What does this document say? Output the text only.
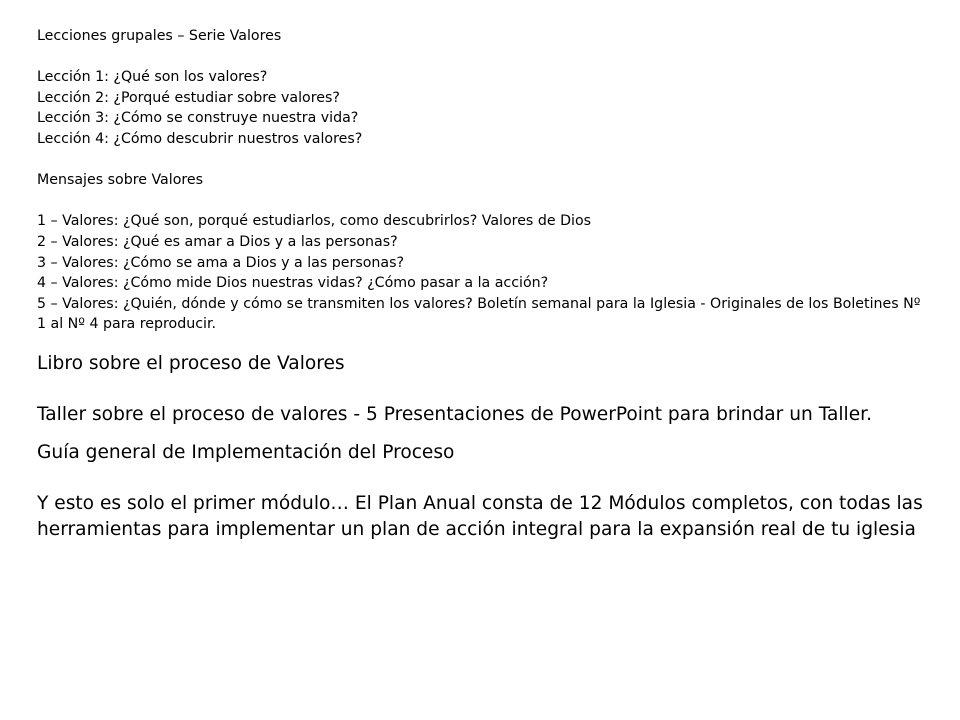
Lecciones grupales – Serie Valores

Lección 1: ¿Qué son los valores?

Lección 2: ¿Porqué estudiar sobre valores?

Lección 3: ¿Cómo se construye nuestra vida?

Lección 4: ¿Cómo descubrir nuestros valores?

Mensajes sobre Valores

1 – Valores: ¿Qué son, porqué estudiarlos, como descubrirlos? Valores de Dios

2 – Valores: ¿Qué es amar a Dios y a las personas?

3 – Valores: ¿Cómo se ama a Dios y a las personas?

4 – Valores: ¿Cómo mide Dios nuestras vidas? ¿Cómo pasar a la acción?

5 – Valores: ¿Quién, dónde y cómo se transmiten los valores? Boletín semanal para la Iglesia - Originales de los Boletines Nº 1 al Nº 4 para reproducir.

Libro sobre el proceso de Valores

Taller sobre el proceso de valores - 5 Presentaciones de PowerPoint para brindar un Taller.

Guía general de Implementación del Proceso

Y esto es solo el primer módulo… El Plan Anual consta de 12 Módulos completos, con todas las herramientas para implementar un plan de acción integral para la expansión real de tu iglesia
